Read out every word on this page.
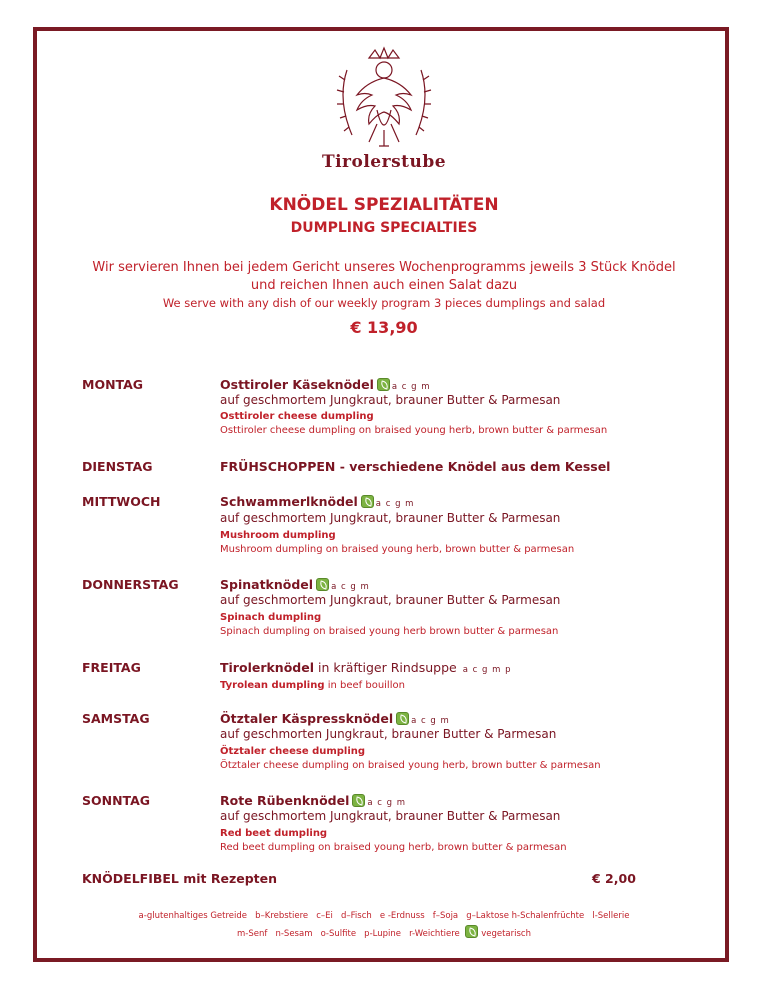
Tirolerstube
KNÖDEL SPEZIALITÄTEN
DUMPLING SPECIALTIES
Wir servieren Ihnen bei jedem Gericht unseres Wochenprogramms jeweils 3 Stück Knödel
und reichen Ihnen auch einen Salat dazu
We serve with any dish of our weekly program 3 pieces dumplings and salad
€ 13,90
MONTAG	Osttiroler Käseknödel a c g m
auf geschmortem Jungkraut, brauner Butter & Parmesan
Osttiroler cheese dumpling
Osttiroler cheese dumpling on braised young herb, brown butter & parmesan
DIENSTAG	FRÜHSCHOPPEN - verschiedene Knödel aus dem Kessel
MITTWOCH	Schwammerlknödel a c g m
auf geschmortem Jungkraut, brauner Butter & Parmesan
Mushroom dumpling
Mushroom dumpling on braised young herb, brown butter & parmesan
DONNERSTAG	Spinatknödel a c g m
auf geschmortem Jungkraut, brauner Butter & Parmesan
Spinach dumpling
Spinach dumpling on braised young herb brown butter & parmesan
FREITAG	Tirolerknödel in kräftiger Rindsuppe a c g m p
Tyrolean dumpling in beef bouillon
SAMSTAG	Ötztaler Käspressknödel a c g m
auf geschmorten Jungkraut, brauner Butter & Parmesan
Ötztaler cheese dumpling
Ötztaler cheese dumpling on braised young herb, brown butter & parmesan
SONNTAG	Rote Rübenknödel a c g m
auf geschmortem Jungkraut, brauner Butter & Parmesan
Red beet dumpling
Red beet dumpling on braised young herb, brown butter & parmesan
KNÖDELFIBEL mit Rezepten	€ 2,00
a-glutenhaltiges Getreide   b–Krebstiere   c–Ei   d–Fisch   e -Erdnuss   f–Soja   g–Laktose h-Schalenfrüchte   l-Sellerie
m-Senf   n-Sesam   o-Sulfite   p-Lupine   r-Weichtiere	vegetarisch
